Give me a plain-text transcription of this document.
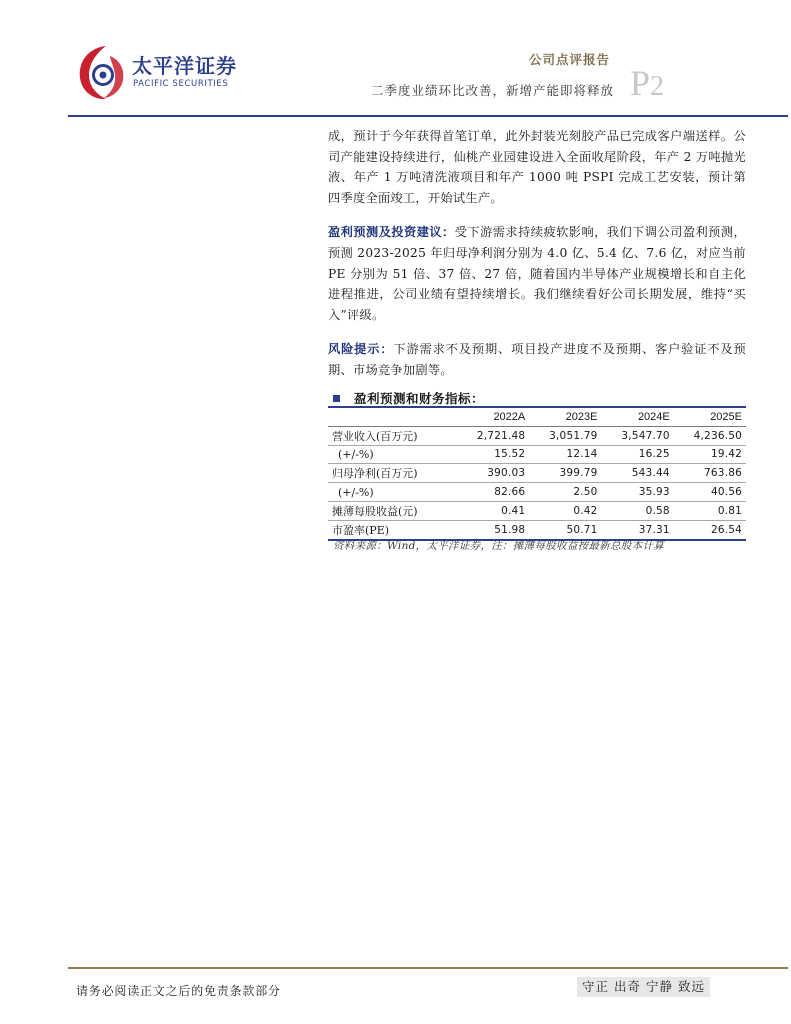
太平洋证券
PACIFIC SECURITIES
公司点评报告
二季度业绩环比改善，新增产能即将释放 P2

成，预计于今年获得首笔订单，此外封装光刻胶产品已完成客户端送样。公司产能建设持续进行，仙桃产业园建设进入全面收尾阶段，年产 2 万吨抛光液、年产 1 万吨清洗液项目和年产 1000 吨 PSPI 完成工艺安装，预计第四季度全面竣工，开始试生产。

盈利预测及投资建议：受下游需求持续疲软影响，我们下调公司盈利预测，预测 2023-2025 年归母净利润分别为 4.0 亿、5.4 亿、7.6 亿，对应当前 PE 分别为 51 倍、37 倍、27 倍，随着国内半导体产业规模增长和自主化进程推进，公司业绩有望持续增长。我们继续看好公司长期发展，维持“买入”评级。

风险提示：下游需求不及预期、项目投产进度不及预期、客户验证不及预期、市场竞争加剧等。

盈利预测和财务指标：
	2022A	2023E	2024E	2025E
营业收入(百万元)	2,721.48	3,051.79	3,547.70	4,236.50
(+/-%)	15.52	12.14	16.25	19.42
归母净利(百万元)	390.03	399.79	543.44	763.86
(+/-%)	82.66	2.50	35.93	40.56
摊薄每股收益(元)	0.41	0.42	0.58	0.81
市盈率(PE)	51.98	50.71	37.31	26.54
资料来源：Wind，太平洋证券，注：摊薄每股收益按最新总股本计算
请务必阅读正文之后的免责条款部分	守正 出奇 宁静 致远
